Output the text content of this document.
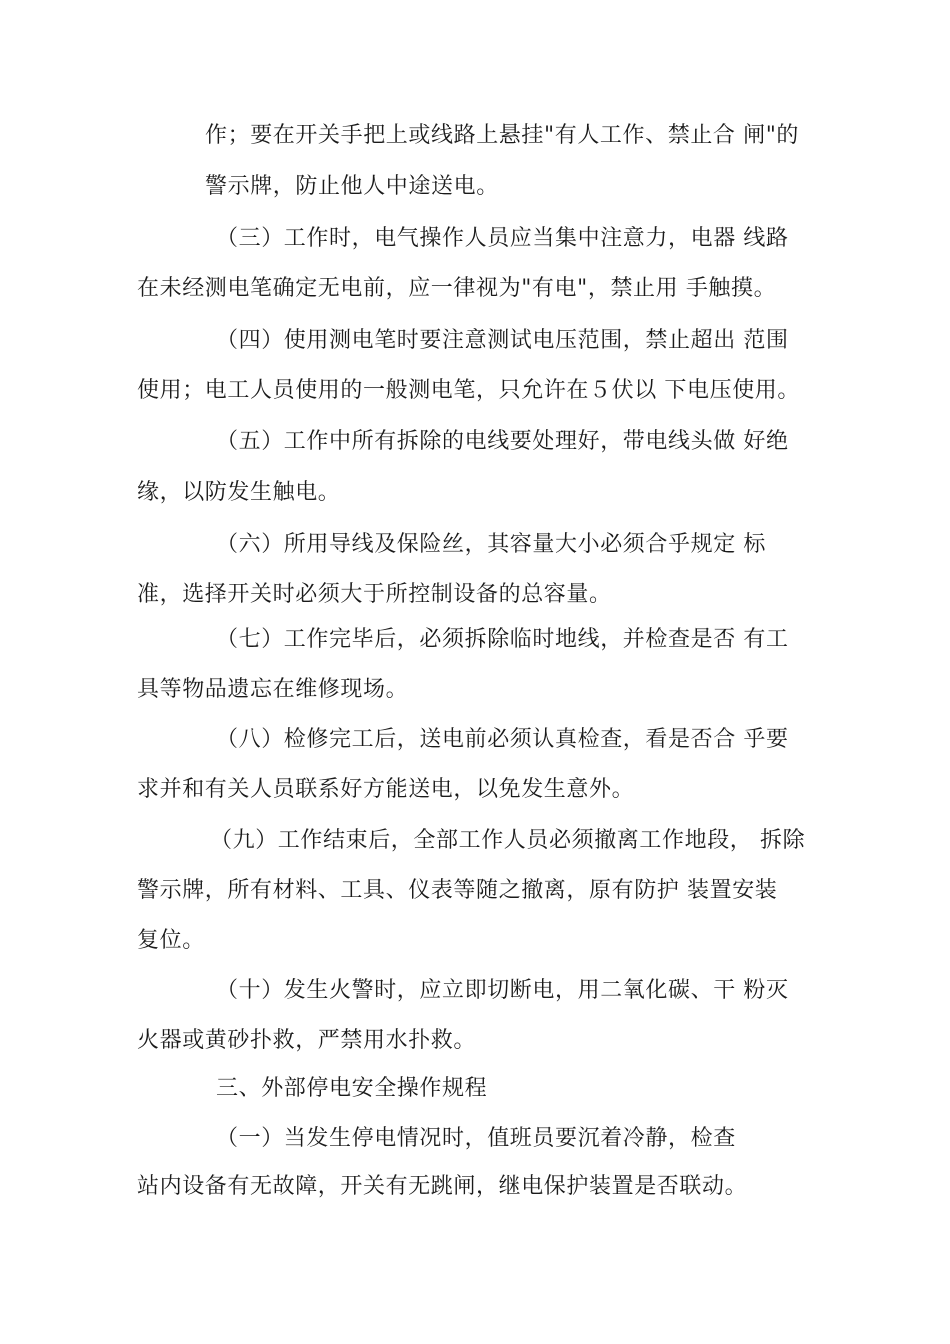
作；要在开关手把上或线路上悬挂"有人工作、禁止合 闸"的
警示牌，防止他人中途送电。
（三）工作时，电气操作人员应当集中注意力，电器 线路
在未经测电笔确定无电前，应一律视为"有电"，禁止用 手触摸。
（四）使用测电笔时要注意测试电压范围，禁止超出 范围
使用；电工人员使用的一般测电笔，只允许在５伏以 下电压使用。
（五）工作中所有拆除的电线要处理好，带电线头做 好绝
缘，以防发生触电。
（六）所用导线及保险丝，其容量大小必须合乎规定 标
准，选择开关时必须大于所控制设备的总容量。
（七）工作完毕后，必须拆除临时地线，并检查是否 有工
具等物品遗忘在维修现场。
（八）检修完工后，送电前必须认真检查，看是否合 乎要
求并和有关人员联系好方能送电，以免发生意外。
（九）工作结束后，全部工作人员必须撤离工作地段， 拆除
警示牌，所有材料、工具、仪表等随之撤离，原有防护 装置安装
复位。
（十）发生火警时，应立即切断电，用二氧化碳、干 粉灭
火器或黄砂扑救，严禁用水扑救。
三、外部停电安全操作规程
（一）当发生停电情况时，值班员要沉着冷静，检查
站内设备有无故障，开关有无跳闸，继电保护装置是否联动。
